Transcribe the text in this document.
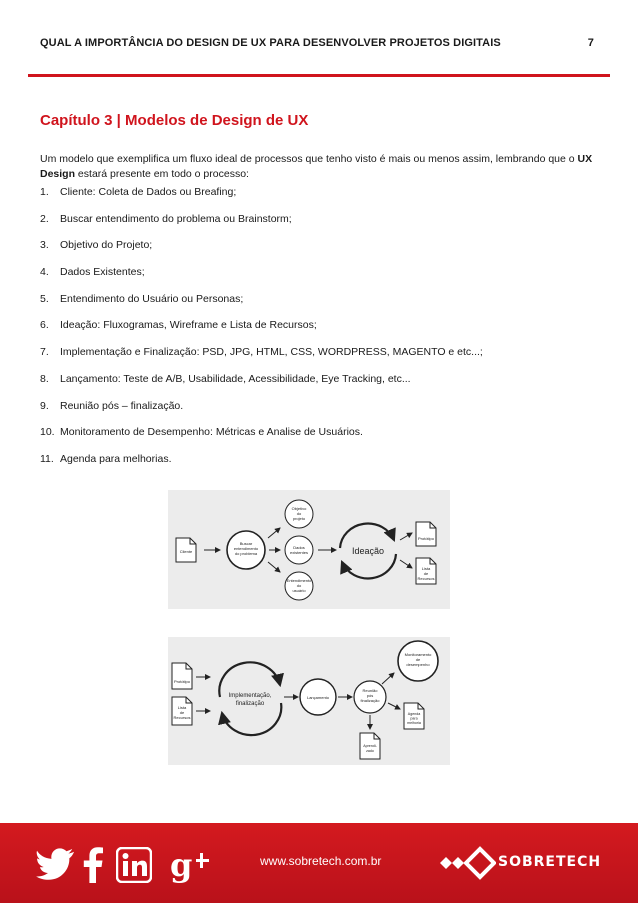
QUAL A IMPORTÂNCIA DO DESIGN DE UX PARA DESENVOLVER PROJETOS DIGITAIS	7
Capítulo 3 | Modelos de Design de UX
Um modelo que exemplifica um fluxo ideal de processos que tenho visto é mais ou menos assim, lembrando que o UX Design estará presente em todo o processo:
1. Cliente: Coleta de Dados ou Breafing;
2. Buscar entendimento do problema ou Brainstorm;
3. Objetivo do Projeto;
4. Dados Existentes;
5. Entendimento do Usuário ou Personas;
6. Ideação: Fluxogramas, Wireframe e Lista de Recursos;
7. Implementação e Finalização: PSD, JPG, HTML, CSS, WORDPRESS, MAGENTO e etc...;
8. Lançamento: Teste de A/B, Usabilidade, Acessibilidade, Eye Tracking, etc...
9. Reunião pós – finalização.
10. Monitoramento de Desempenho: Métricas e Analise de Usuários.
11. Agenda para melhorias.
Cliente
Buscar
entendimento
do problema
Objetivo
do
projeto
Dados
existentes
Entendimento
do
usuário
Ideação
Protótipo
Lista
de
Recursos
Protótipo
Lista
de
Recursos
Implementação,
finalização
Lançamento
Reunião
pós
finalização
Monitoramento
de
desempenho
Agenda
para
melhoria
Aprendi-
zado
g	www.sobretech.com.br	SOBRETECH
